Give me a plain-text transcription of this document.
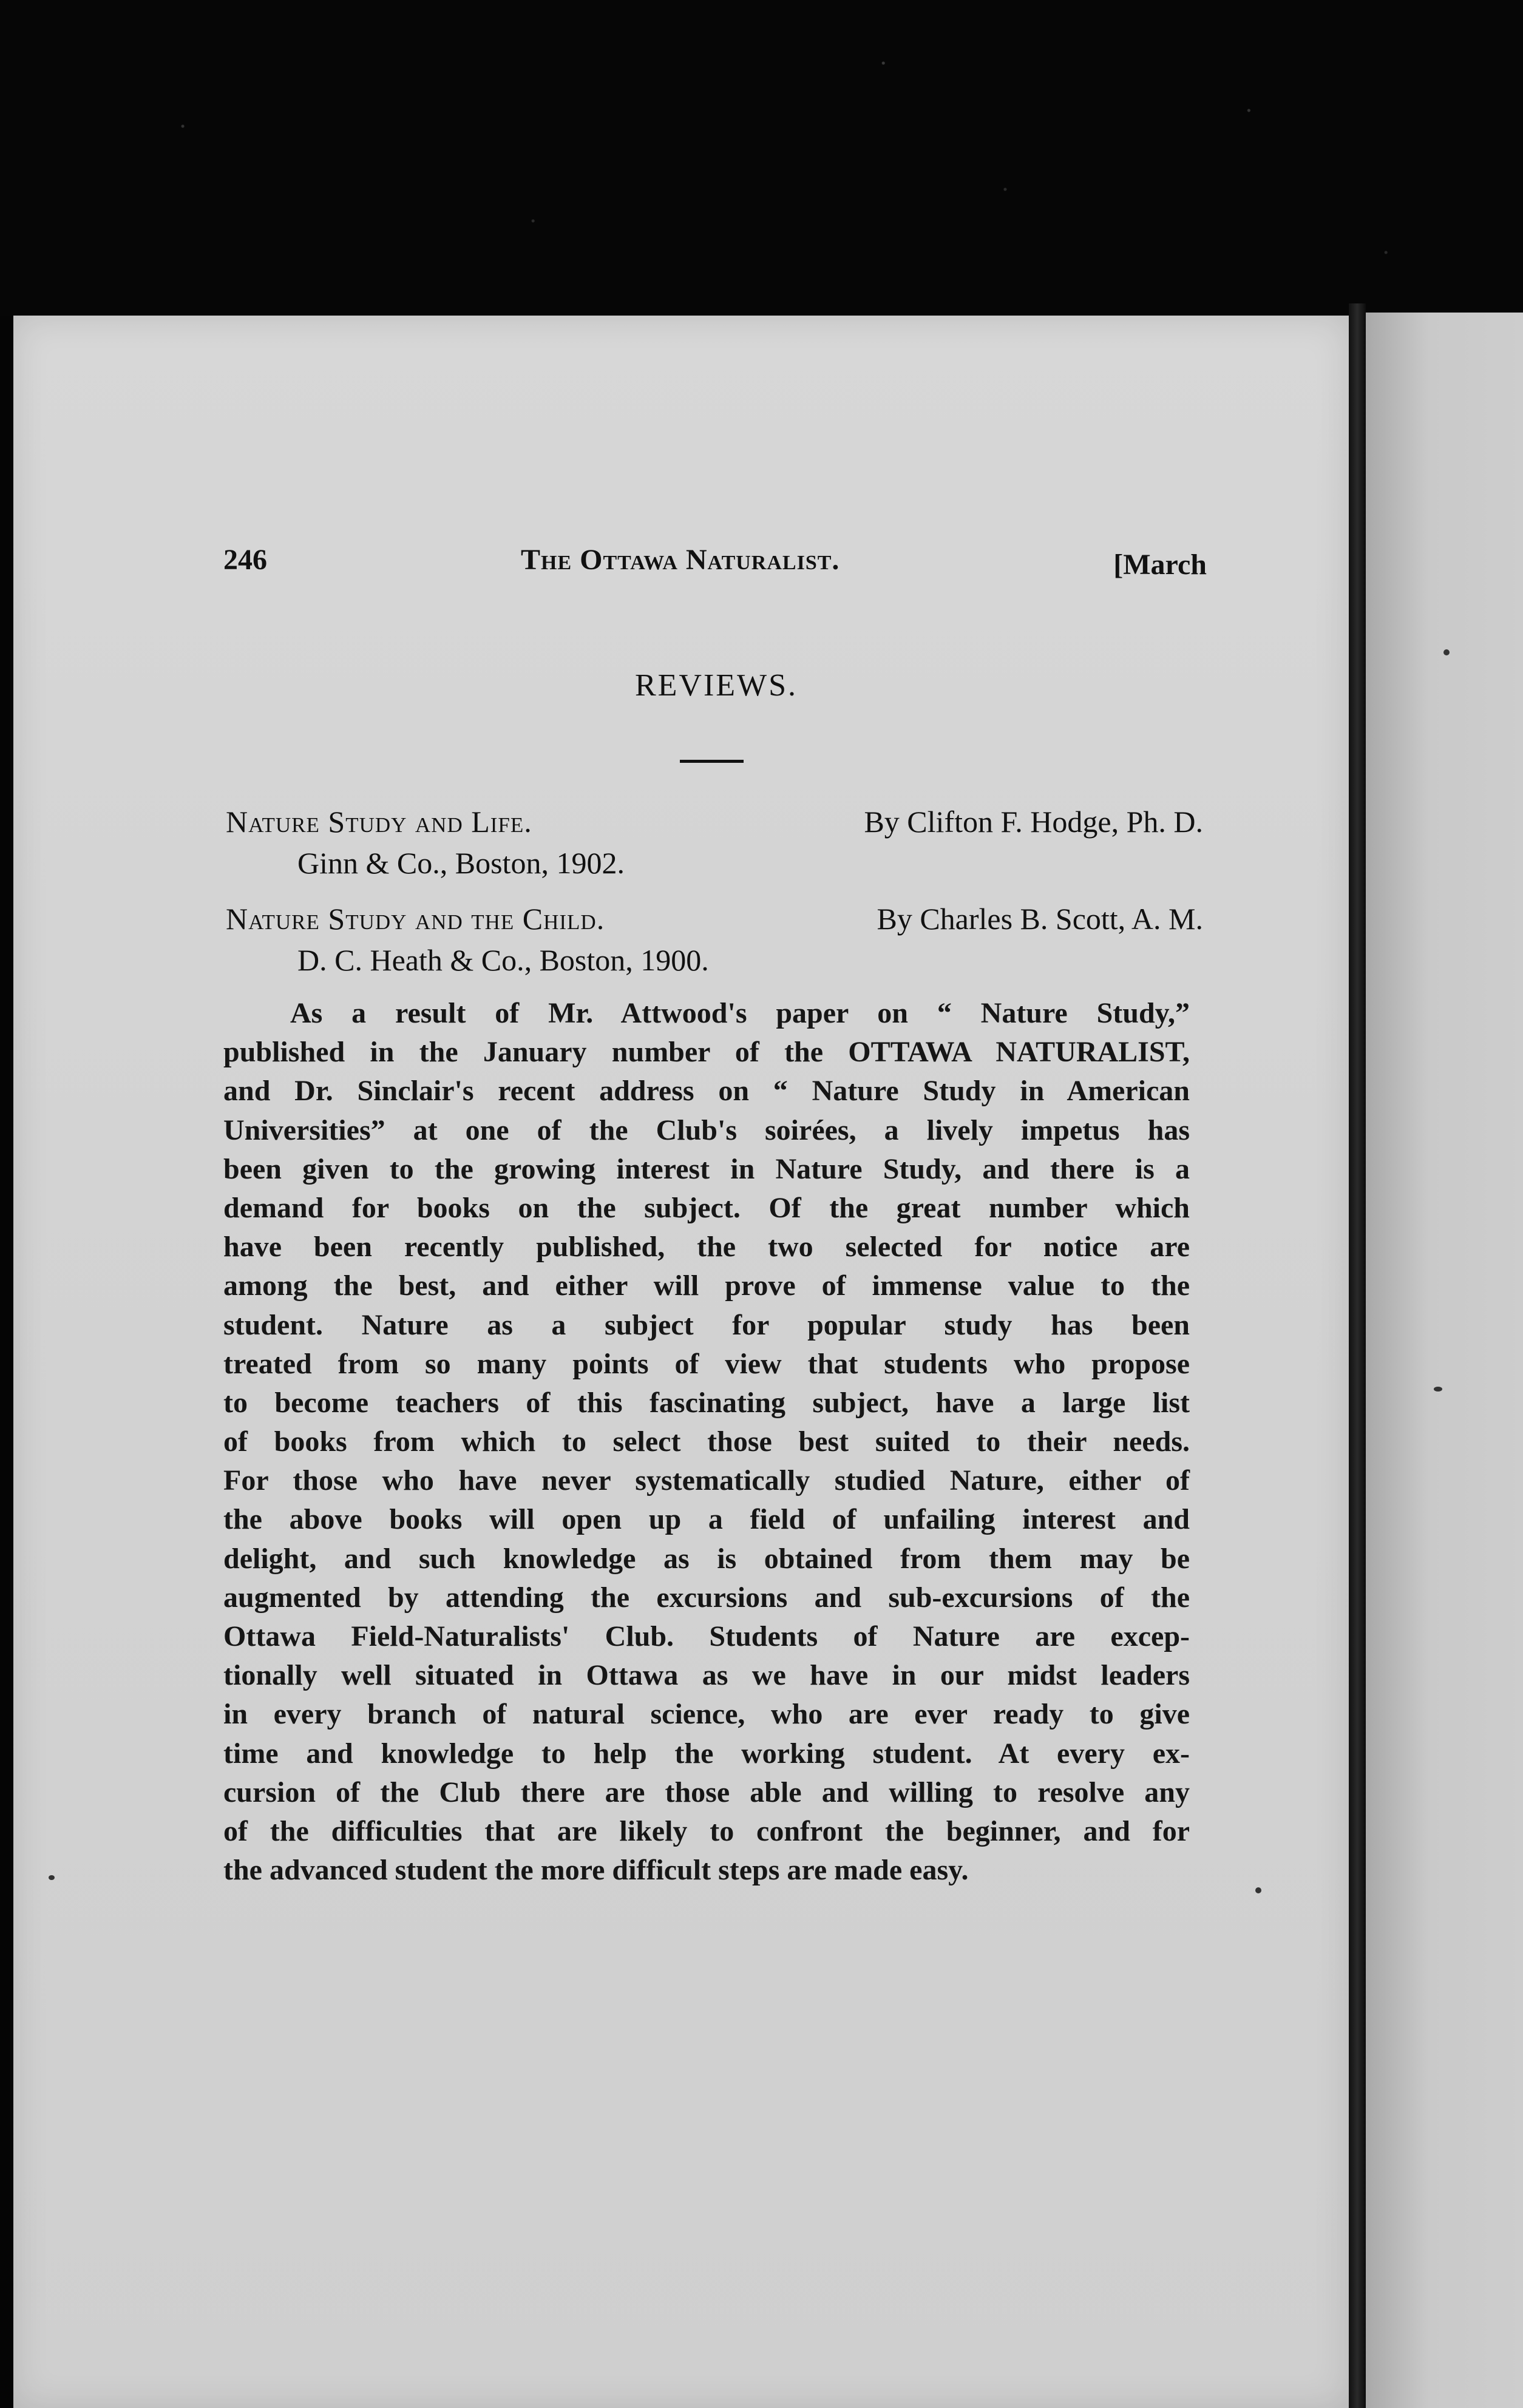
246	The Ottawa Naturalist.	[March
REVIEWS.
Nature Study and Life.	By Clifton F. Hodge, Ph. D.
Ginn & Co., Boston, 1902.
Nature Study and the Child.	By Charles B. Scott, A. M.
D. C. Heath & Co., Boston, 1900.
As a result of Mr. Attwood's paper on “ Nature Study,”
published in the January number of the OTTAWA NATURALIST,
and Dr. Sinclair's recent address on “ Nature Study in American
Universities” at one of the Club's soirées, a lively impetus has
been given to the growing interest in Nature Study, and there is a
demand for books on the subject. Of the great number which
have been recently published, the two selected for notice are
among the best, and either will prove of immense value to the
student. Nature as a subject for popular study has been
treated from so many points of view that students who propose
to become teachers of this fascinating subject, have a large list
of books from which to select those best suited to their needs.
For those who have never systematically studied Nature, either of
the above books will open up a field of unfailing interest and
delight, and such knowledge as is obtained from them may be
augmented by attending the excursions and sub-excursions of the
Ottawa Field-Naturalists' Club. Students of Nature are excep-
tionally well situated in Ottawa as we have in our midst leaders
in every branch of natural science, who are ever ready to give
time and knowledge to help the working student. At every ex-
cursion of the Club there are those able and willing to resolve any
of the difficulties that are likely to confront the beginner, and for
the advanced student the more difficult steps are made easy.
